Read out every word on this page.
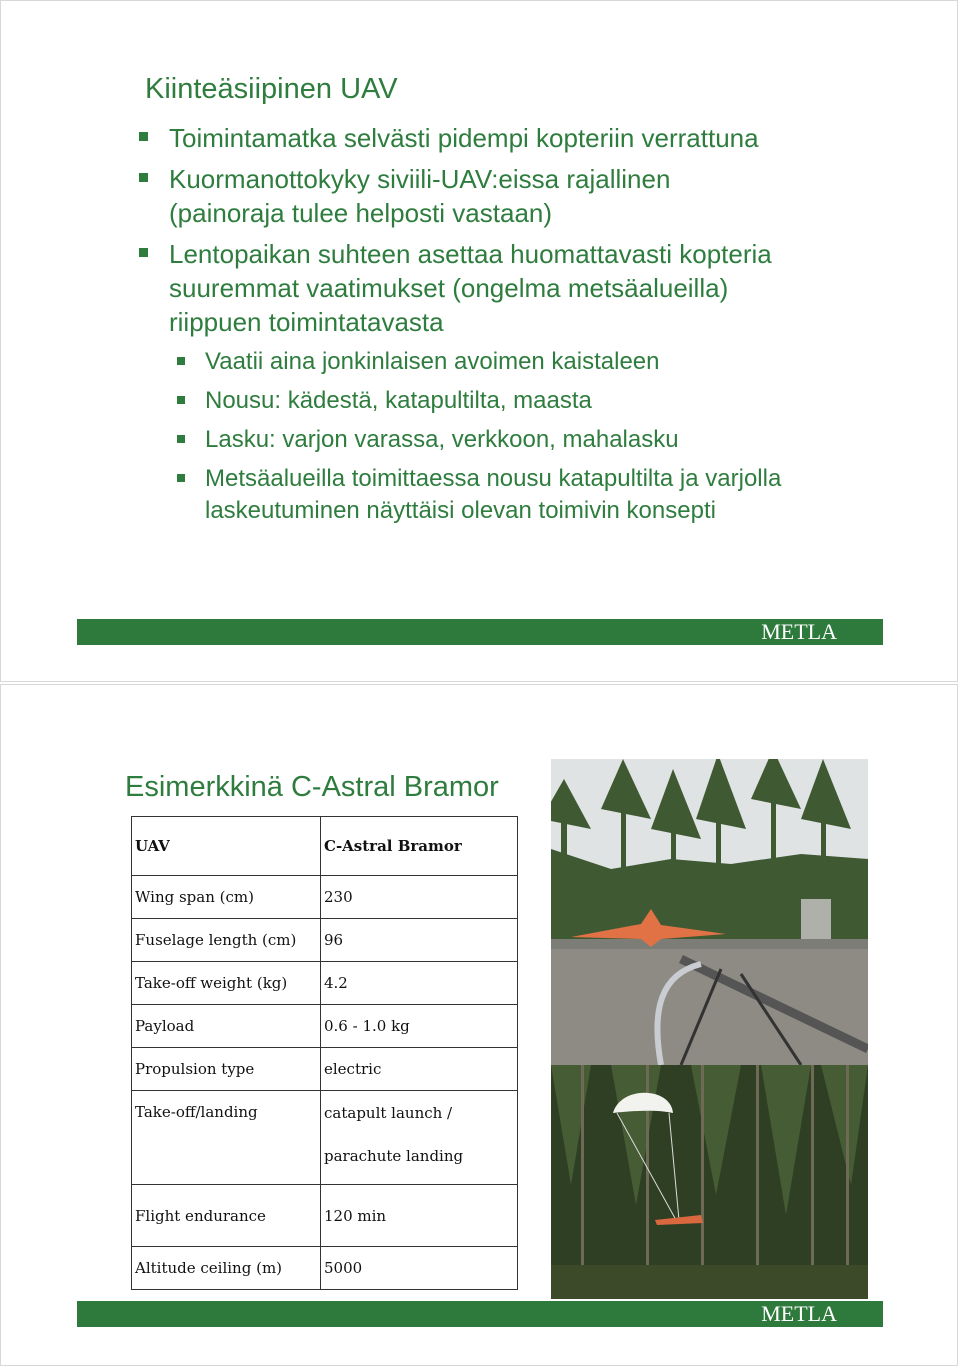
Kiinteäsiipinen UAV
Toimintamatka selvästi pidempi kopteriin verrattuna
Kuormanottokyky siviili-UAV:eissa rajallinen (painoraja tulee helposti vastaan)
Lentopaikan suhteen asettaa huomattavasti kopteria suuremmat vaatimukset (ongelma metsäalueilla) riippuen toimintatavasta
Vaatii aina jonkinlaisen avoimen kaistaleen
Nousu: kädestä, katapultilta, maasta
Lasku: varjon varassa, verkkoon, mahalasku
Metsäalueilla toimittaessa nousu katapultilta ja varjolla laskeutuminen näyttäisi olevan toimivin konsepti
METLA
Esimerkkinä C-Astral Bramor
UAV	C-Astral Bramor
Wing span (cm)	230
Fuselage length (cm)	96
Take-off weight (kg)	4.2
Payload	0.6 - 1.0 kg
Propulsion type	electric
Take-off/landing	catapult launch /
parachute landing

Flight endurance	120 min
Altitude ceiling (m)	5000
METLA
